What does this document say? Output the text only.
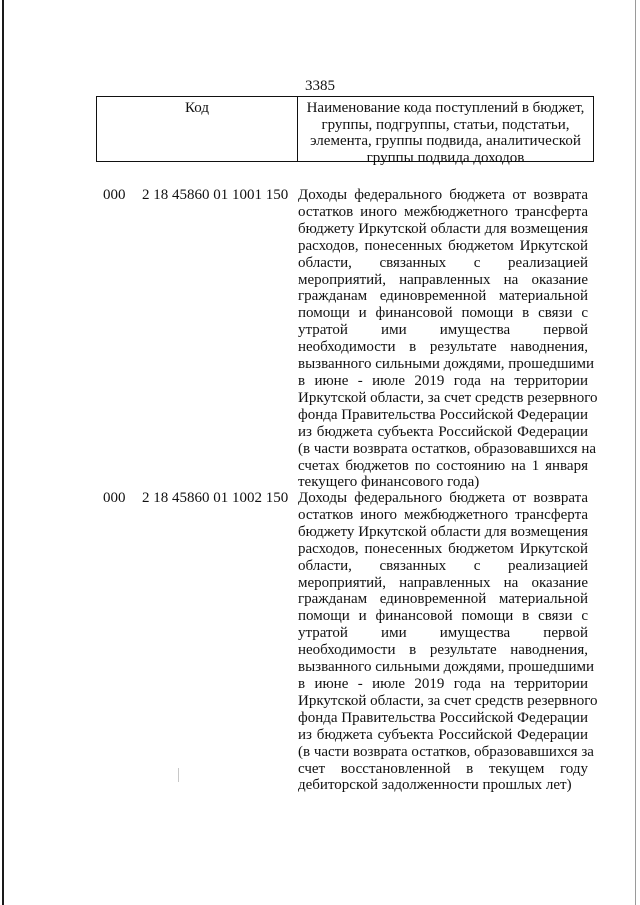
3385
Код	Наименование кода поступлений в бюджет,
группы, подгруппы, статьи, подстатьи,
элемента, группы подвида, аналитической
группы подвида доходов
000 2 18 45860 01 1001 150 Доходы федерального бюджета от возврата
остатков иного межбюджетного трансферта
бюджету Иркутской области для возмещения
расходов, понесенных бюджетом Иркутской
области, связанных с реализацией
мероприятий, направленных на оказание
гражданам единовременной материальной
помощи и финансовой помощи в связи с
утратой ими имущества первой
необходимости в результате наводнения,
вызванного сильными дождями, прошедшими
в июне - июле 2019 года на территории
Иркутской области, за счет средств резервного
фонда Правительства Российской Федерации
из бюджета субъекта Российской Федерации
(в части возврата остатков, образовавшихся на
счетах бюджетов по состоянию на 1 января
текущего финансового года)
000 2 18 45860 01 1002 150 Доходы федерального бюджета от возврата
остатков иного межбюджетного трансферта
бюджету Иркутской области для возмещения
расходов, понесенных бюджетом Иркутской
области, связанных с реализацией
мероприятий, направленных на оказание
гражданам единовременной материальной
помощи и финансовой помощи в связи с
утратой ими имущества первой
необходимости в результате наводнения,
вызванного сильными дождями, прошедшими
в июне - июле 2019 года на территории
Иркутской области, за счет средств резервного
фонда Правительства Российской Федерации
из бюджета субъекта Российской Федерации
(в части возврата остатков, образовавшихся за
счет восстановленной в текущем году
дебиторской задолженности прошлых лет)
